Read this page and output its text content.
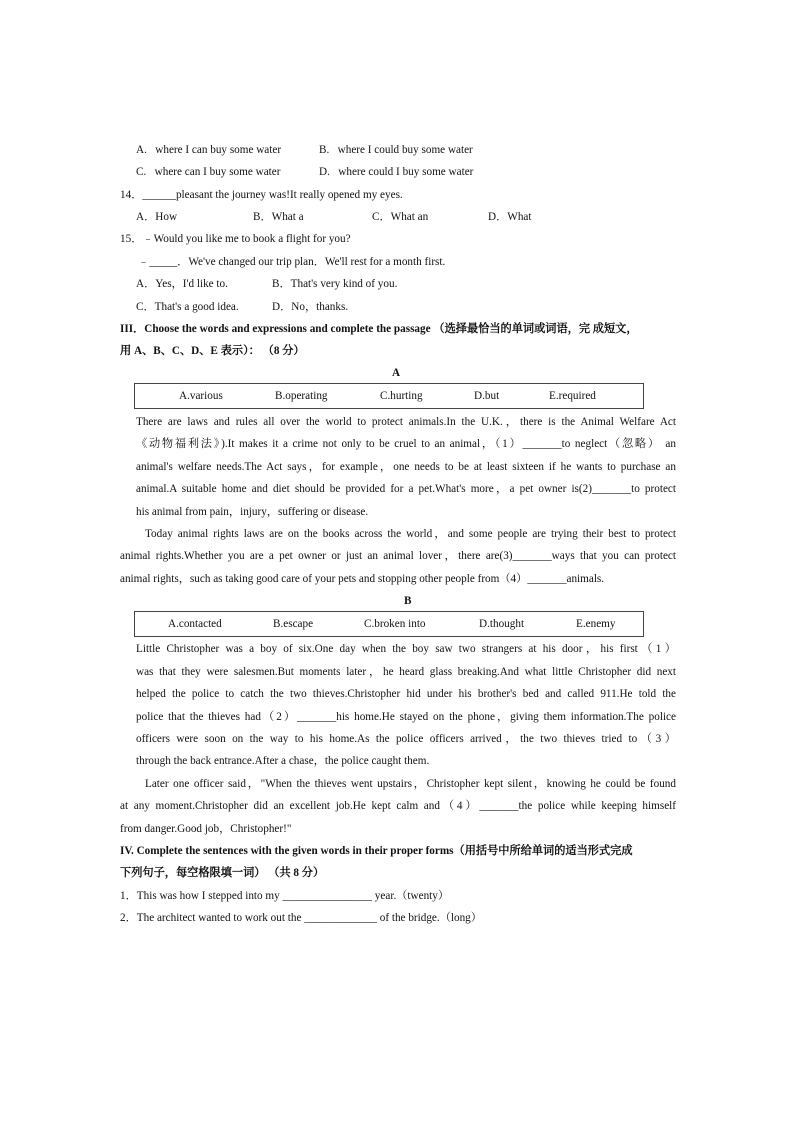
A.   where I can buy some water	B.   where I could buy some water
C.   where can I buy some water	D.   where could I buy some water
14．______pleasant the journey was!It really opened my eyes.
A．How	B．What a	C．What an	D．What
15．﹣Would you like me to book a flight for you?
﹣_____．We've changed our trip plan．We'll rest for a month first.
A．Yes，I'd like to.	B．That's very kind of you.
C．That's a good idea.	D．No，thanks.
III．Choose the words and expressions and complete the passage （选择最恰当的单词或词语，完 成短文，
用 A、B、C、D、E 表示）： （8 分）
A
A.various	B.operating	C.hurting	D.but	E.required
There are laws and rules all over the world to protect animals.In the U.K.，there is the Animal Welfare Act
《动物福利法》).It makes it a crime not only to be cruel to an animal，（1）_______to neglect（忽略） an
animal's welfare needs.The Act says，for example，one needs to be at least sixteen if he wants to purchase an
animal.A suitable home and diet should be provided for a pet.What's more，a pet owner is(2)_______to protect
his animal from pain，injury，suffering or disease.
Today animal rights laws are on the books across the world，and some people are trying their best to protect
animal rights.Whether you are a pet owner or just an animal lover，there are(3)_______ways that you can protect
animal rights，such as taking good care of your pets and stopping other people from（4）_______animals.
B
A.contacted	B.escape	C.broken into	D.thought	E.enemy
Little Christopher was a boy of six.One day when the boy saw two strangers at his door，his first（1）
was that they were salesmen.But moments later，he heard glass breaking.And what little Christopher did next
helped the police to catch the two thieves.Christopher hid under his brother's bed and called 911.He told the
police that the thieves had（2）_______his home.He stayed on the phone，giving them information.The police
officers were soon on the way to his home.As the police officers arrived，the two thieves tried to（3）
through the back entrance.After a chase，the police caught them.
Later one officer said，"When the thieves went upstairs，Christopher kept silent，knowing he could be found
at any moment.Christopher did an excellent job.He kept calm and（4）_______the police while keeping himself
from danger.Good job，Christopher!"
IV. Complete the sentences with the given words in their proper forms（用括号中所给单词的适当形式完成
下列句子，每空格限填一词） （共 8 分）
1．This was how I stepped into my ________________ year.（twenty）
2．The architect wanted to work out the _____________ of the bridge.（long）
